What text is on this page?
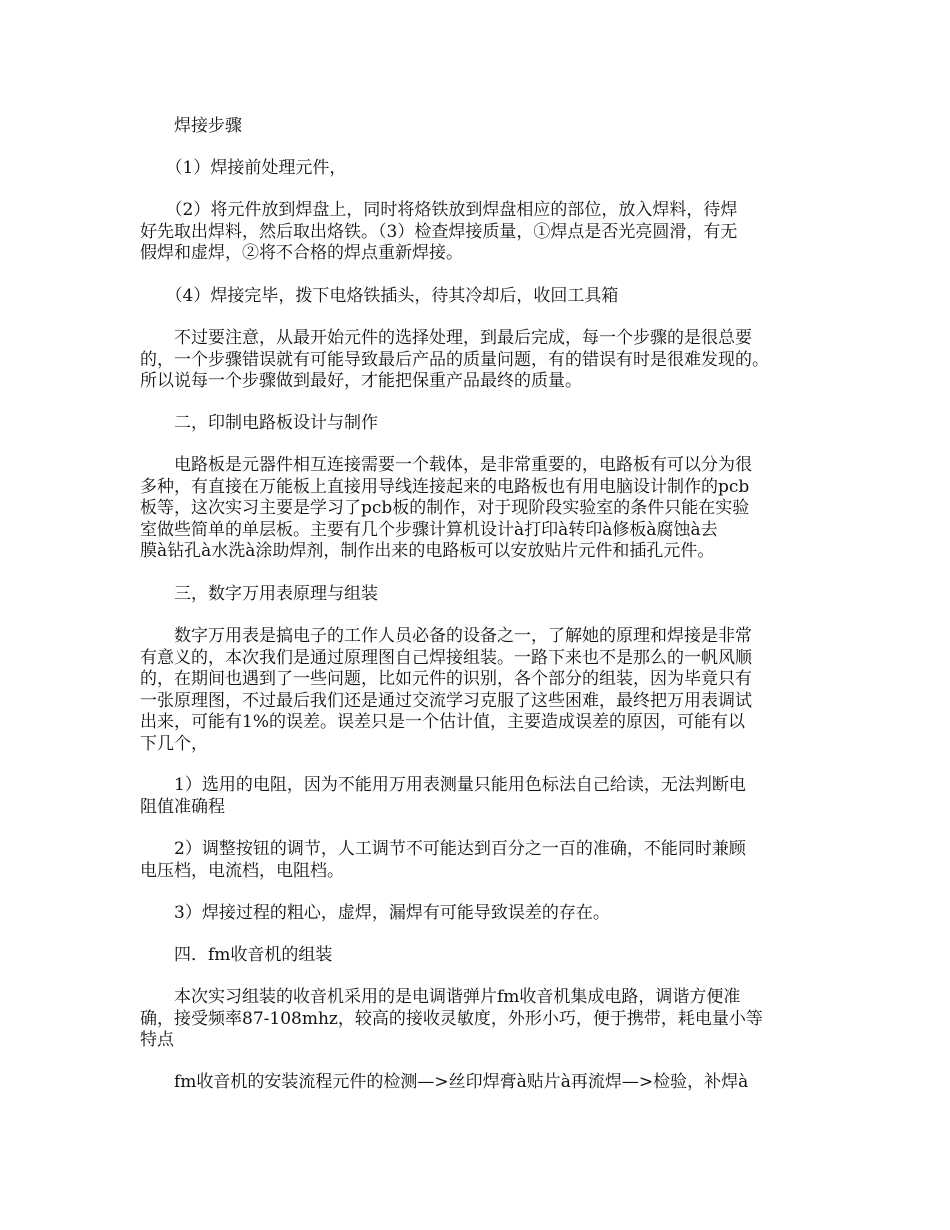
　　焊接步骤

　　（1）焊接前处理元件，

　　（2）将元件放到焊盘上，同时将烙铁放到焊盘相应的部位，放入焊料，待焊
好先取出焊料，然后取出烙铁。（3）检查焊接质量，①焊点是否光亮圆滑，有无
假焊和虚焊，②将不合格的焊点重新焊接。

　　（4）焊接完毕，拨下电烙铁插头，待其冷却后，收回工具箱

　　不过要注意，从最开始元件的选择处理，到最后完成，每一个步骤的是很总要
的，一个步骤错误就有可能导致最后产品的质量问题，有的错误有时是很难发现的。
所以说每一个步骤做到最好，才能把保重产品最终的质量。

　　二，印制电路板设计与制作

　　电路板是元器件相互连接需要一个载体，是非常重要的，电路板有可以分为很
多种，有直接在万能板上直接用导线连接起来的电路板也有用电脑设计制作的pcb
板等，这次实习主要是学习了pcb板的制作，对于现阶段实验室的条件只能在实验
室做些简单的单层板。主要有几个步骤计算机设计à打印à转印à修板à腐蚀à去
膜à钻孔à水洗à涂助焊剂，制作出来的电路板可以安放贴片元件和插孔元件。

　　三，数字万用表原理与组装

　　数字万用表是搞电子的工作人员必备的设备之一，了解她的原理和焊接是非常
有意义的，本次我们是通过原理图自己焊接组装。一路下来也不是那么的一帆风顺
的，在期间也遇到了一些问题，比如元件的识别，各个部分的组装，因为毕竟只有
一张原理图，不过最后我们还是通过交流学习克服了这些困难，最终把万用表调试
出来，可能有1%的误差。误差只是一个估计值，主要造成误差的原因，可能有以
下几个，

　　1）选用的电阻，因为不能用万用表测量只能用色标法自己给读，无法判断电
阻值准确程

　　2）调整按钮的调节，人工调节不可能达到百分之一百的准确，不能同时兼顾
电压档，电流档，电阻档。

　　3）焊接过程的粗心，虚焊，漏焊有可能导致误差的存在。

　　四．fm收音机的组装

　　本次实习组装的收音机采用的是电调谐弹片fm收音机集成电路，调谐方便准
确，接受频率87-108mhz，较高的接收灵敏度，外形小巧，便于携带，耗电量小等
特点

　　fm收音机的安装流程元件的检测—>丝印焊膏à贴片à再流焊—>检验，补焊à
